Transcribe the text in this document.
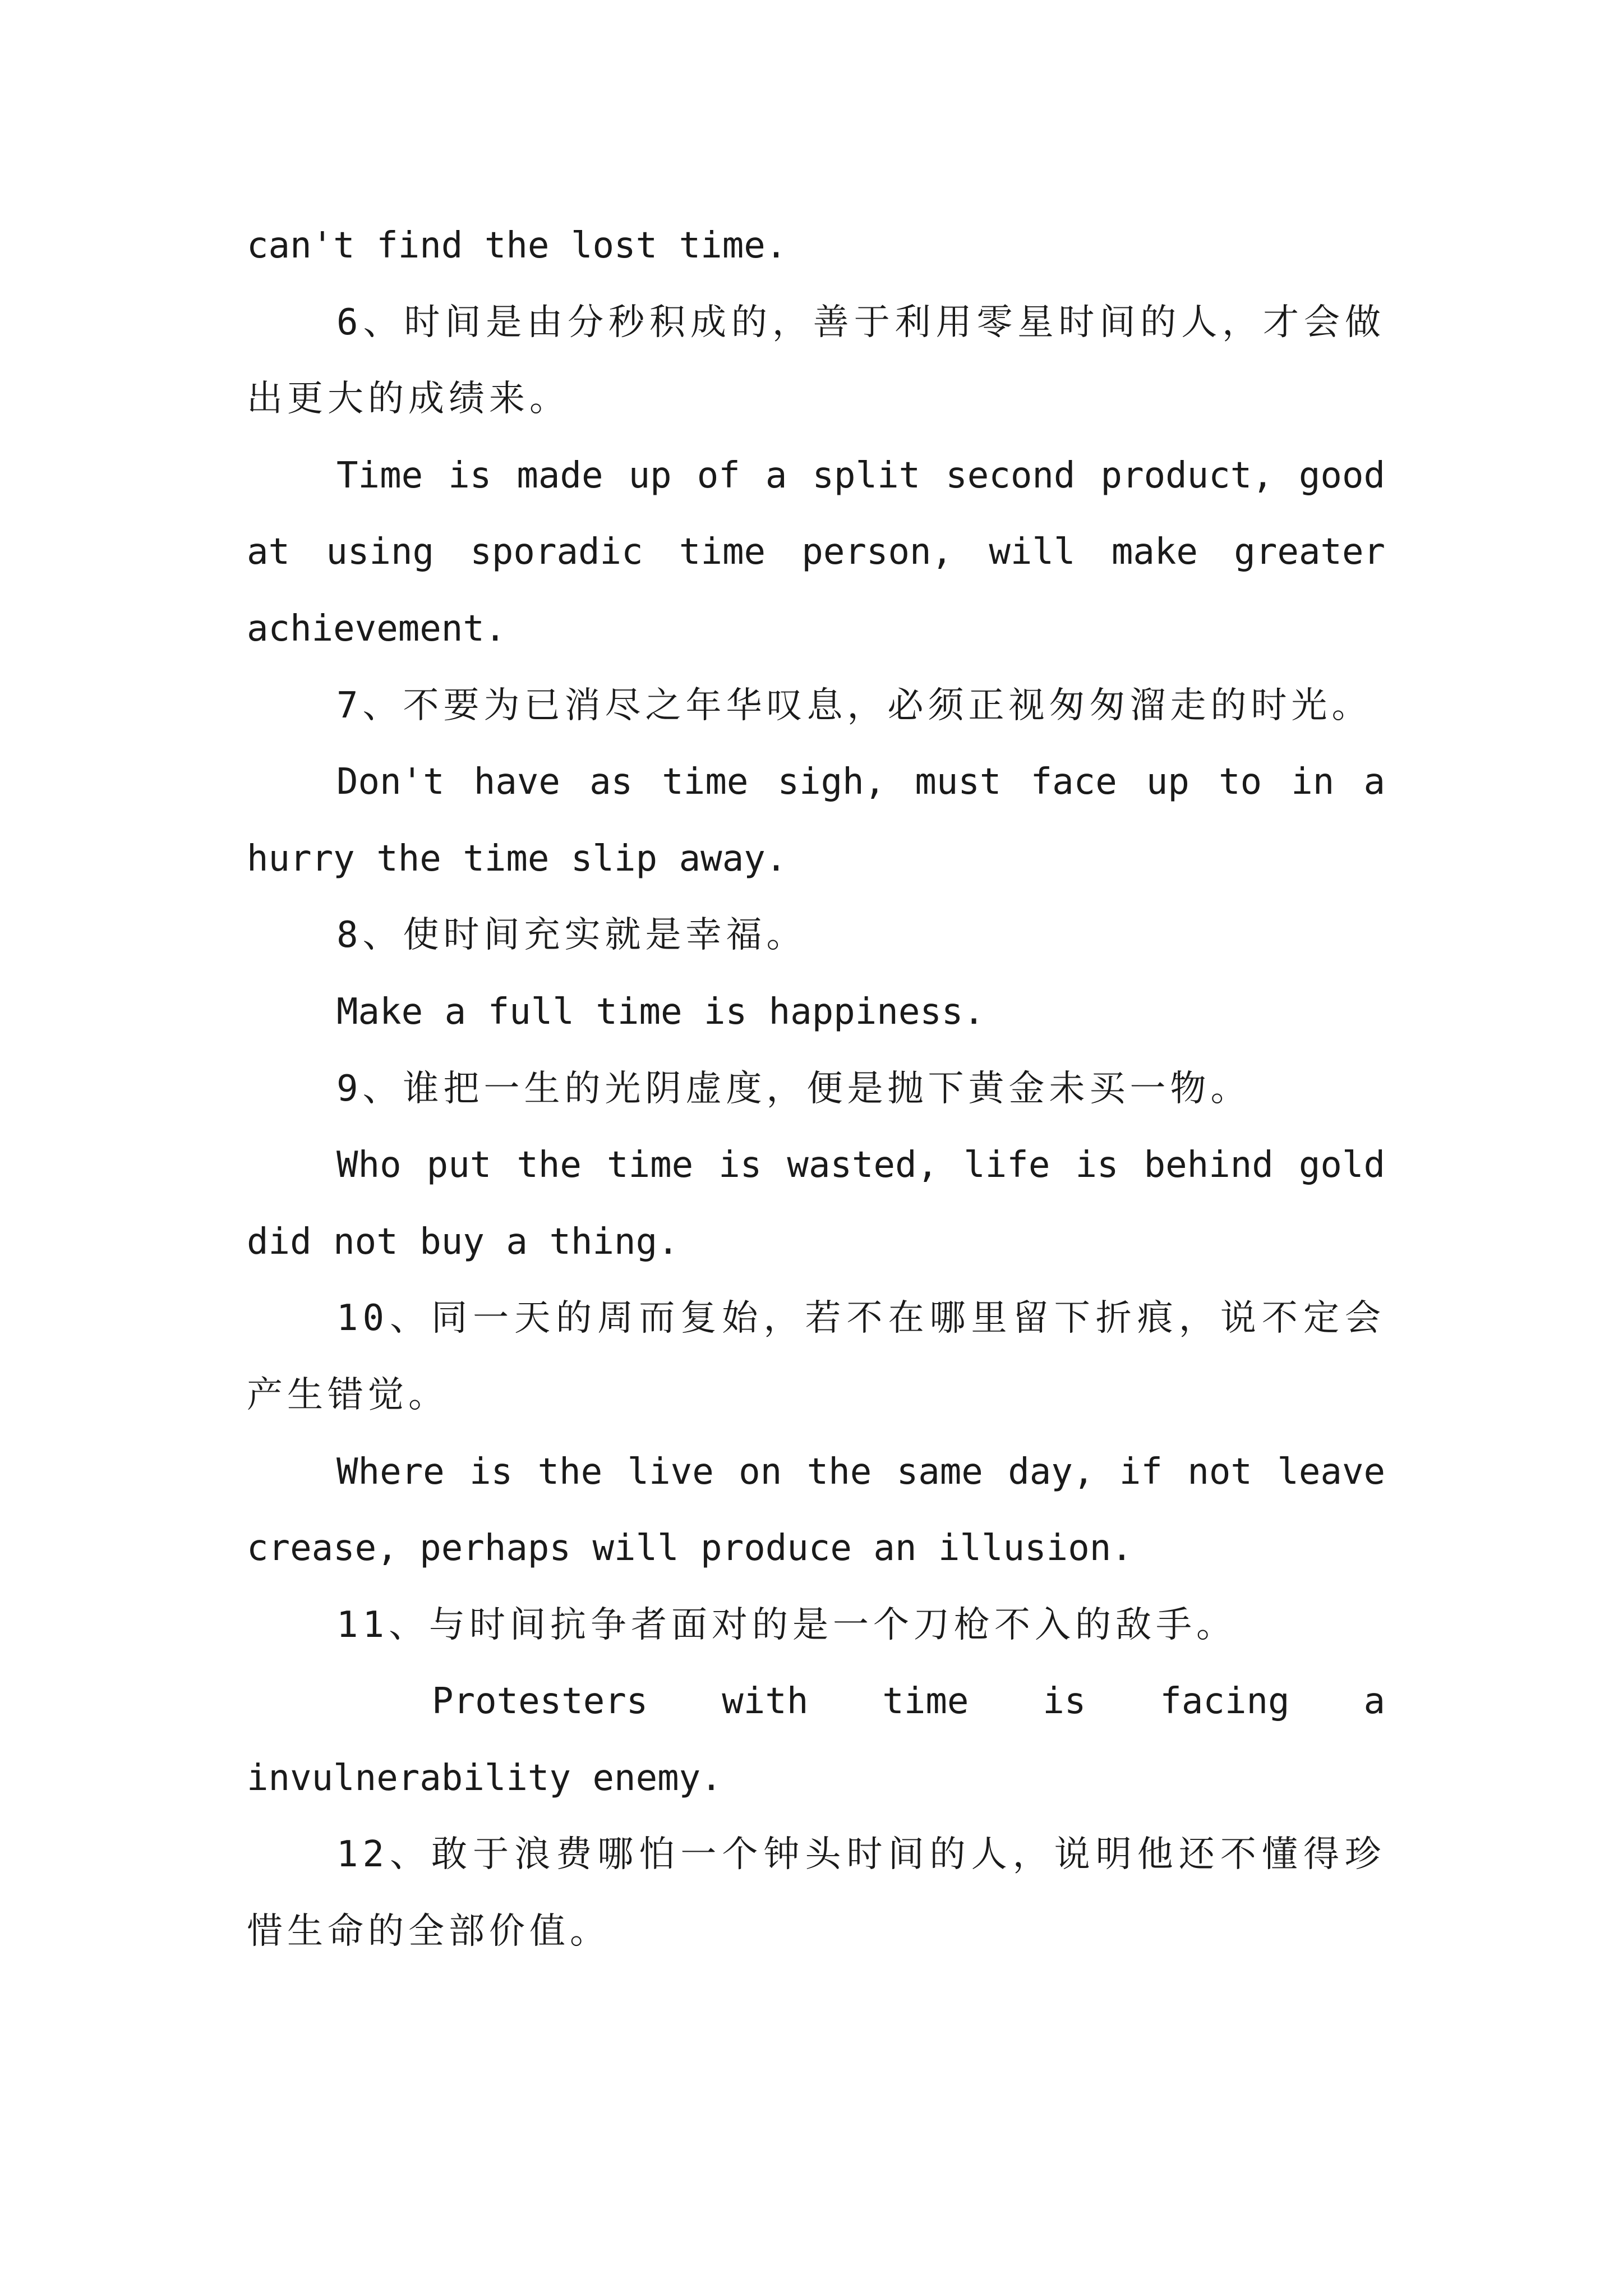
can't find the lost time.

6、时间是由分秒积成的，善于利用零星时间的人，才会做出更大的成绩来。

Time is made up of a split second product, good at using sporadic time person, will make greater achievement.

7、不要为已消尽之年华叹息，必须正视匆匆溜走的时光。

Don't have as time sigh, must face up to in a hurry the time slip away.

8、使时间充实就是幸福。

Make a full time is happiness.

9、谁把一生的光阴虚度，便是抛下黄金未买一物。

Who put the time is wasted, life is behind gold did not buy a thing.

10、同一天的周而复始，若不在哪里留下折痕，说不定会产生错觉。

Where is the live on the same day, if not leave crease, perhaps will produce an illusion.

11、与时间抗争者面对的是一个刀枪不入的敌手。

Protesters with time is facing a invulnerability enemy.

12、敢于浪费哪怕一个钟头时间的人，说明他还不懂得珍惜生命的全部价值。
